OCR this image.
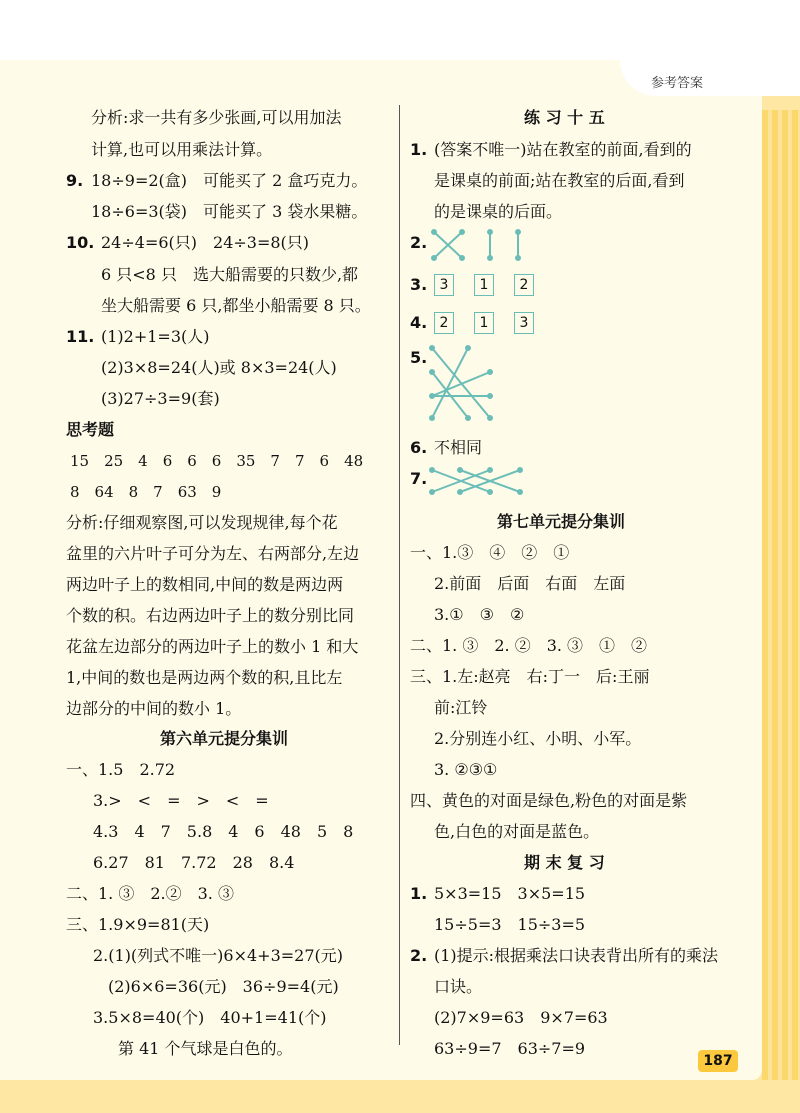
参考答案
分析:求一共有多少张画,可以用加法
计算,也可以用乘法计算。
9. 18÷9=2(盒)　可能买了 2 盒巧克力。
18÷6=3(袋)　可能买了 3 袋水果糖。
10. 24÷4=6(只)　24÷3=8(只)
6 只<8 只　选大船需要的只数少,都
坐大船需要 6 只,都坐小船需要 8 只。
11. (1)2+1=3(人)
(2)3×8=24(人)或 8×3=24(人)
(3)27÷3=9(套)
思考题
15　25　4　6　6　6　35　7　7　6　48
8　64　8　7　63　9
分析:仔细观察图,可以发现规律,每个花
盆里的六片叶子可分为左、右两部分,左边
两边叶子上的数相同,中间的数是两边两
个数的积。右边两边叶子上的数分别比同
花盆左边部分的两边叶子上的数小 1 和大
1,中间的数也是两边两个数的积,且比左
边部分的中间的数小 1。
第六单元提分集训
一、1.5　2.72
3.>　<　=　>　<　=
4.3　4　7　5.8　4　6　48　5　8
6.27　81　7.72　28　8.4
二、1. ③　2.②　3. ③
三、1.9×9=81(天)
2.(1)(列式不唯一)6×4+3=27(元)
(2)6×6=36(元)　36÷9=4(元)
3.5×8=40(个)　40+1=41(个)
第 41 个气球是白色的。
练 习 十 五
1. (答案不唯一)站在教室的前面,看到的
是课桌的前面;站在教室的后面,看到
的是课桌的后面。
2.
3. 3 1 2
4. 2 1 3
5.
6. 不相同
7.
第七单元提分集训
一、1.③　④　②　①
2.前面　后面　右面　左面
3.①　③　②
二、1. ③　2. ②　3. ③　①　②
三、1.左:赵亮　右:丁一　后:王丽
前:江铃
2.分别连小红、小明、小军。
3. ②③①
四、黄色的对面是绿色,粉色的对面是紫
色,白色的对面是蓝色。
期 末 复 习
1. 5×3=15　3×5=15
15÷5=3　15÷3=5
2. (1)提示:根据乘法口诀表背出所有的乘法
口诀。
(2)7×9=63　9×7=63
63÷9=7　63÷7=9
187
